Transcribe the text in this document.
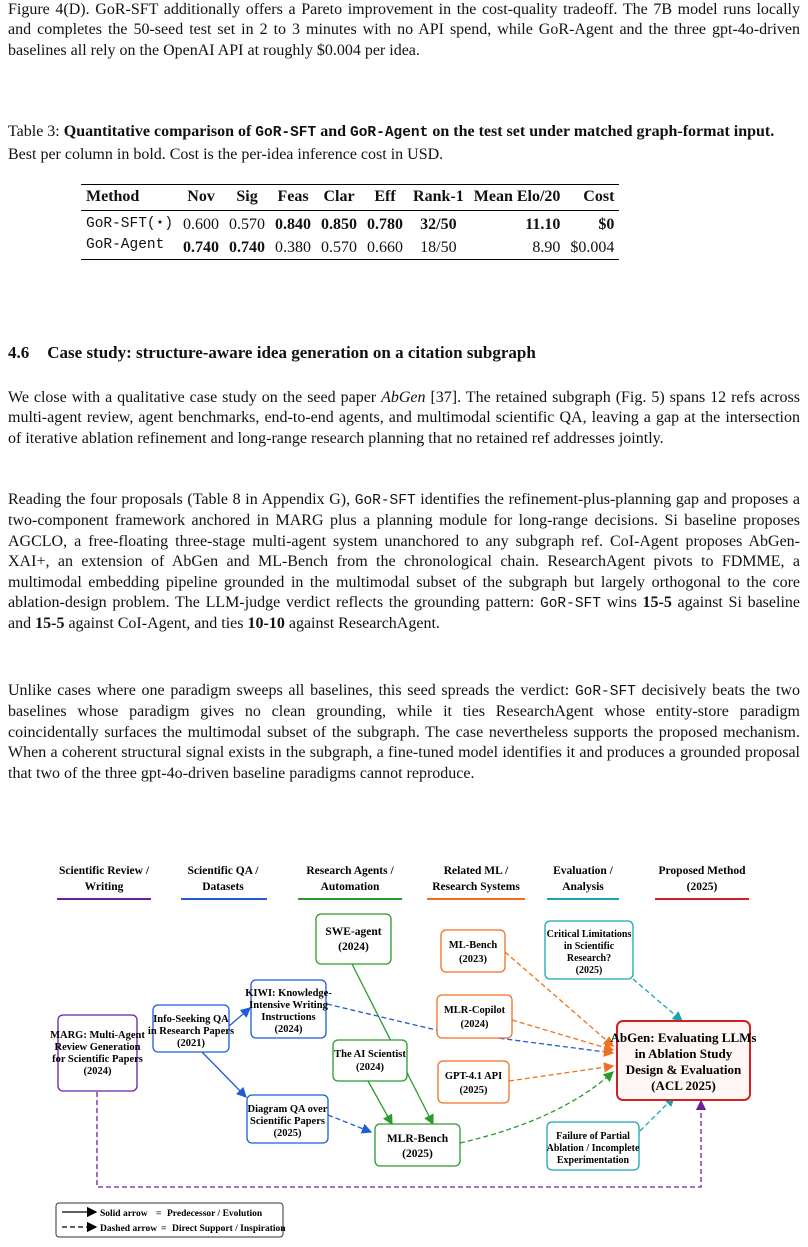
Figure 4(D). GoR-SFT additionally offers a Pareto improvement in the cost-quality tradeoff. The 7B model runs locally and completes the 50-seed test set in 2 to 3 minutes with no API spend, while GoR-Agent and the three gpt-4o-driven baselines all rely on the OpenAI API at roughly $0.004 per idea.

Table 3: Quantitative comparison of GoR-SFT and GoR-Agent on the test set under matched graph-format input. Best per column in bold. Cost is the per-idea inference cost in USD.

Method	Nov	Sig	Feas	Clar	Eff	Rank-1	Mean Elo/20	Cost
GoR-SFT(⋆)	0.600	0.570	0.840	0.850	0.780	32/50	11.10	$0
GoR-Agent	0.740	0.740	0.380	0.570	0.660	18/50	8.90	$0.004
4.6 Case study: structure-aware idea generation on a citation subgraph

We close with a qualitative case study on the seed paper AbGen [37]. The retained subgraph (Fig. 5) spans 12 refs across multi-agent review, agent benchmarks, end-to-end agents, and multimodal scientific QA, leaving a gap at the intersection of iterative ablation refinement and long-range research planning that no retained ref addresses jointly.

Reading the four proposals (Table 8 in Appendix G), GoR-SFT identifies the refinement-plus-planning gap and proposes a two-component framework anchored in MARG plus a planning module for long-range decisions. Si baseline proposes AGCLO, a free-floating three-stage multi-agent system unanchored to any subgraph ref. CoI-Agent proposes AbGen-XAI+, an extension of AbGen and ML-Bench from the chronological chain. ResearchAgent pivots to FDMME, a multimodal embedding pipeline grounded in the multimodal subset of the subgraph but largely orthogonal to the core ablation-design problem. The LLM-judge verdict reflects the grounding pattern: GoR-SFT wins 15-5 against Si baseline and 15-5 against CoI-Agent, and ties 10-10 against ResearchAgent.

Unlike cases where one paradigm sweeps all baselines, this seed spreads the verdict: GoR-SFT decisively beats the two baselines whose paradigm gives no clean grounding, while it ties ResearchAgent whose entity-store paradigm coincidentally surfaces the multimodal subset of the subgraph. The case nevertheless supports the proposed mechanism. When a coherent structural signal exists in the subgraph, a fine-tuned model identifies it and produces a grounded proposal that two of the three gpt-4o-driven baseline paradigms cannot reproduce.

Scientific Review /
Writing
Scientific QA /
Datasets
Research Agents /
Automation
Related ML /
Research Systems
Evaluation /
Analysis
Proposed Method
(2025)
MARG: Multi-Agent
Review Generation
for Scientific Papers
(2024)
Info-Seeking QA
in Research Papers
(2021)
KIWI: Knowledge-
Intensive Writing
Instructions
(2024)
Diagram QA over
Scientific Papers
(2025)
SWE-agent
(2024)
The AI Scientist
(2024)
MLR-Bench
(2025)
ML-Bench
(2023)
MLR-Copilot
(2024)
GPT-4.1 API
(2025)
Critical Limitations
in Scientific
Research?
(2025)
Failure of Partial
Ablation / Incomplete
Experimentation
AbGen: Evaluating LLMs
in Ablation Study
Design & Evaluation
(ACL 2025)
Solid arrow = Predecessor / Evolution
Dashed arrow = Direct Support / Inspiration
